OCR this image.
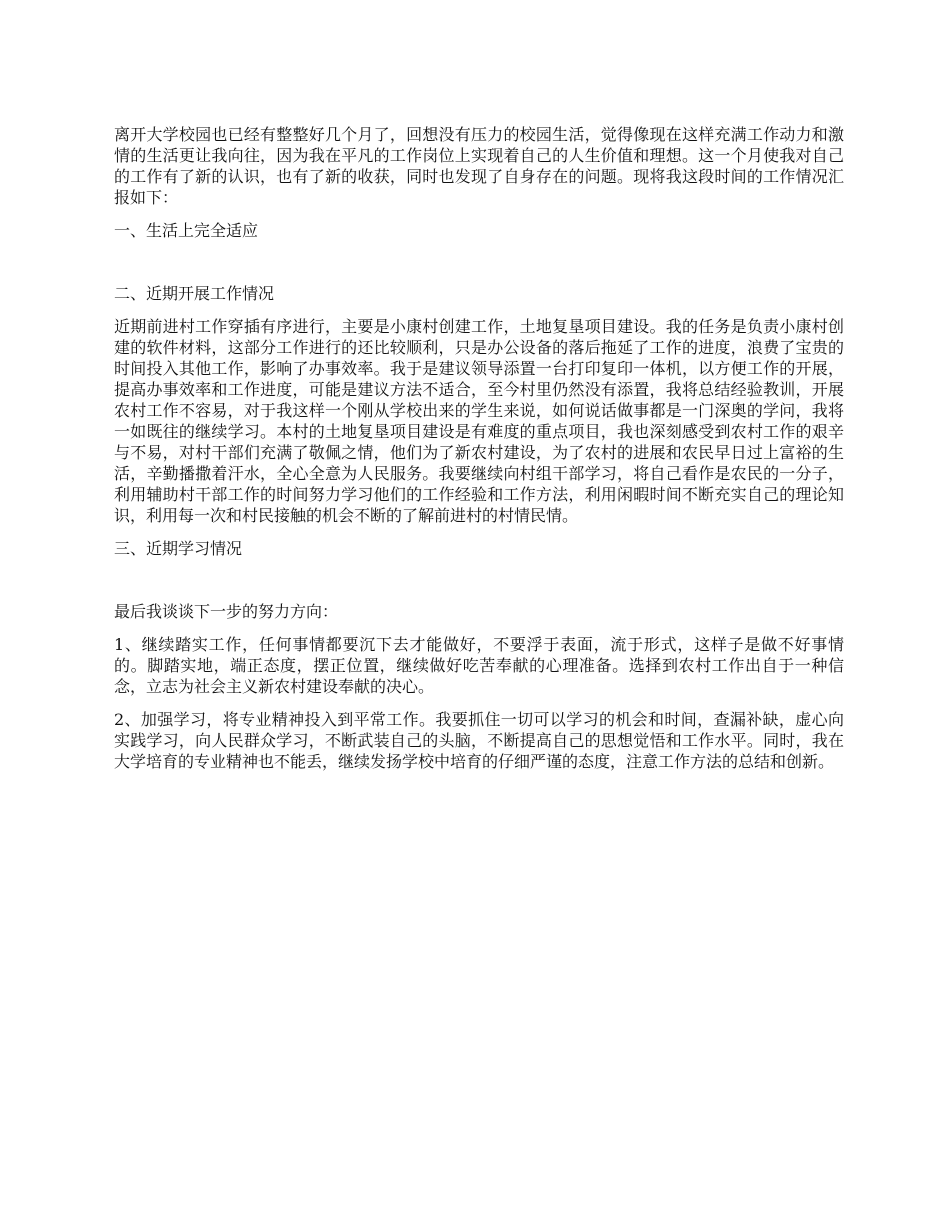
离开大学校园也已经有整整好几个月了，回想没有压力的校园生活，觉得像现在这样充满工作动力和激情的生活更让我向往，因为我在平凡的工作岗位上实现着自己的人生价值和理想。这一个月使我对自己的工作有了新的认识，也有了新的收获，同时也发现了自身存在的问题。现将我这段时间的工作情况汇报如下：

一、生活上完全适应

二、近期开展工作情况

近期前进村工作穿插有序进行，主要是小康村创建工作，土地复垦项目建设。我的任务是负责小康村创建的软件材料，这部分工作进行的还比较顺利，只是办公设备的落后拖延了工作的进度，浪费了宝贵的时间投入其他工作，影响了办事效率。我于是建议领导添置一台打印复印一体机，以方便工作的开展，提高办事效率和工作进度，可能是建议方法不适合，至今村里仍然没有添置，我将总结经验教训，开展农村工作不容易，对于我这样一个刚从学校出来的学生来说，如何说话做事都是一门深奥的学问，我将一如既往的继续学习。本村的土地复垦项目建设是有难度的重点项目，我也深刻感受到农村工作的艰辛与不易，对村干部们充满了敬佩之情，他们为了新农村建设，为了农村的进展和农民早日过上富裕的生活，辛勤播撒着汗水，全心全意为人民服务。我要继续向村组干部学习，将自己看作是农民的一分子，利用辅助村干部工作的时间努力学习他们的工作经验和工作方法，利用闲暇时间不断充实自己的理论知识，利用每一次和村民接触的机会不断的了解前进村的村情民情。

三、近期学习情况

最后我谈谈下一步的努力方向：

1、继续踏实工作，任何事情都要沉下去才能做好，不要浮于表面，流于形式，这样子是做不好事情的。脚踏实地，端正态度，摆正位置，继续做好吃苦奉献的心理准备。选择到农村工作出自于一种信念，立志为社会主义新农村建设奉献的决心。

2、加强学习，将专业精神投入到平常工作。我要抓住一切可以学习的机会和时间，查漏补缺，虚心向实践学习，向人民群众学习，不断武装自己的头脑，不断提高自己的思想觉悟和工作水平。同时，我在大学培育的专业精神也不能丢，继续发扬学校中培育的仔细严谨的态度，注意工作方法的总结和创新。
